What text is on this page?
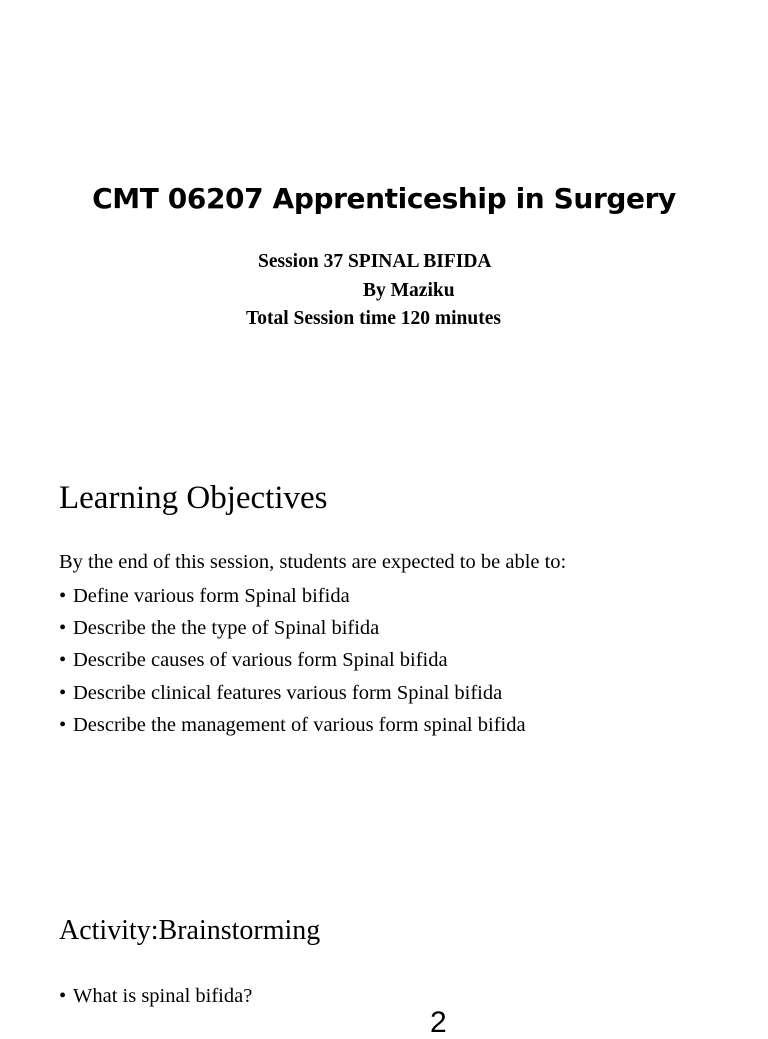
CMT 06207 Apprenticeship in Surgery
Session 37 SPINAL BIFIDA
By Maziku
Total Session time 120 minutes
Learning Objectives
By the end of this session, students are expected to be able to:
• Define various form Spinal bifida
• Describe the the type of Spinal bifida
• Describe causes of various form Spinal bifida
• Describe clinical features various form Spinal bifida
• Describe the management of various form spinal bifida
Activity:Brainstorming
• What is spinal bifida?
2
